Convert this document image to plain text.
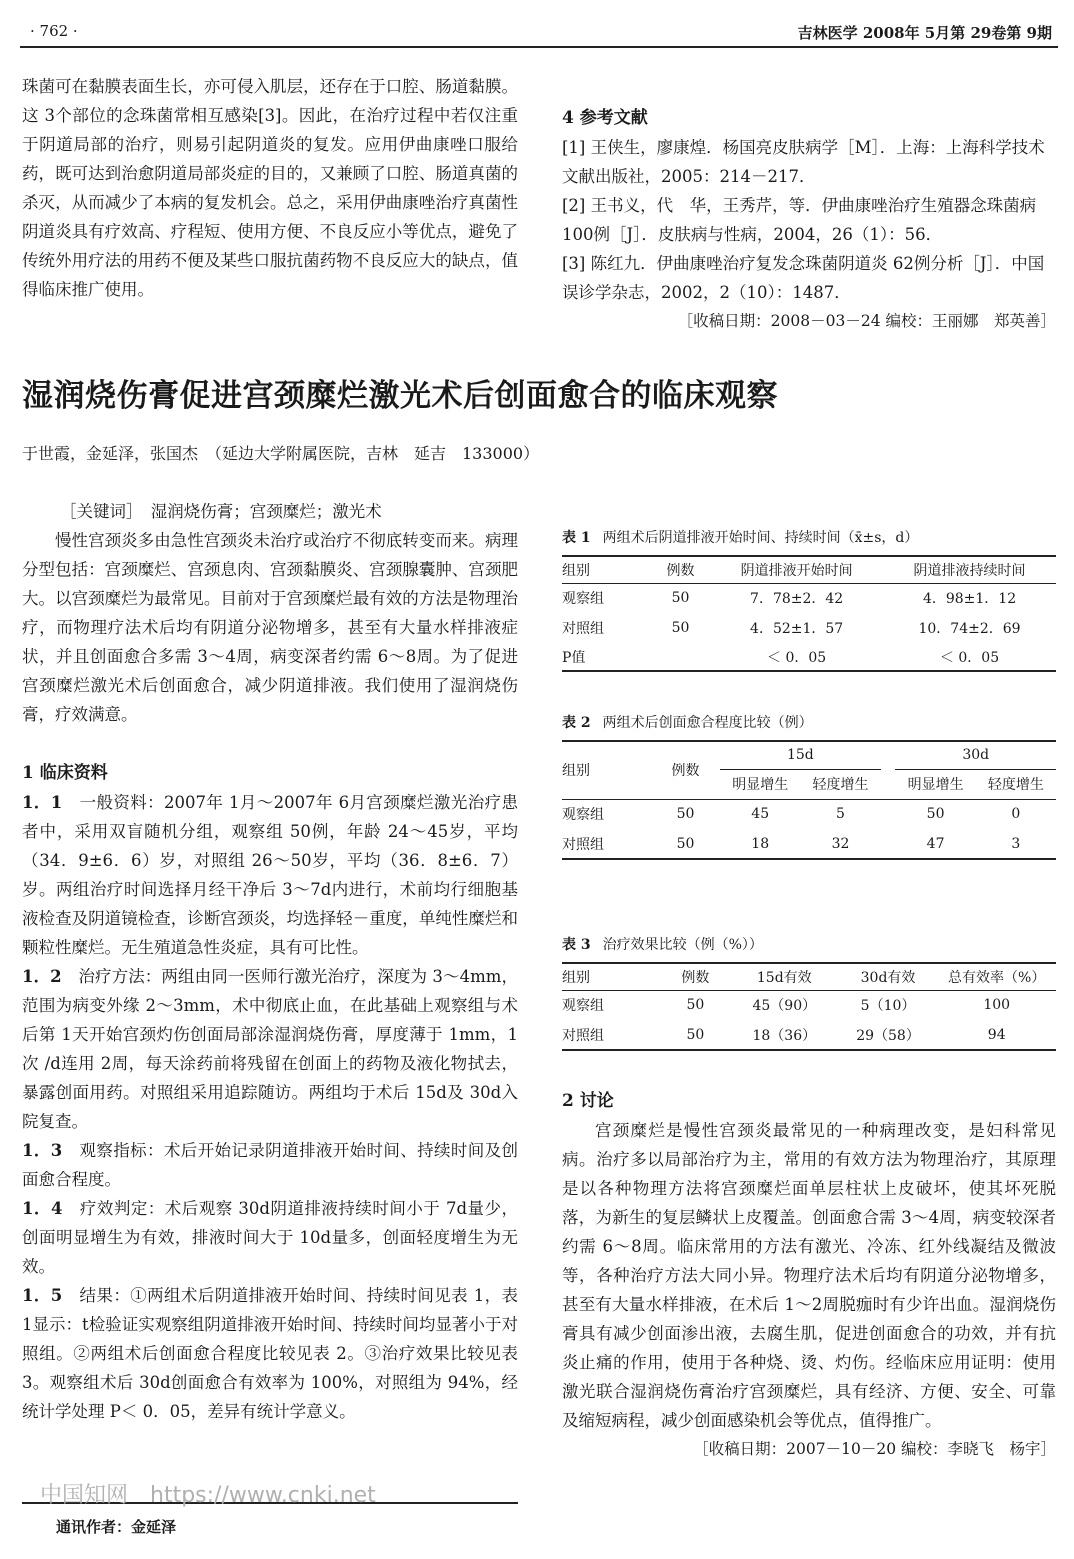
· 762 ·	吉林医学 2008年 5月第 29卷第 9期

珠菌可在黏膜表面生长，亦可侵入肌层，还存在于口腔、肠道黏膜。这 3个部位的念珠菌常相互感染[3]。因此，在治疗过程中若仅注重于阴道局部的治疗，则易引起阴道炎的复发。应用伊曲康唑口服给药，既可达到治愈阴道局部炎症的目的，又兼顾了口腔、肠道真菌的杀灭，从而减少了本病的复发机会。总之，采用伊曲康唑治疗真菌性阴道炎具有疗效高、疗程短、使用方便、不良反应小等优点，避免了传统外用疗法的用药不便及某些口服抗菌药物不良反应大的缺点，值得临床推广使用。

4 参考文献

[1] 王侠生，廖康煌．杨国亮皮肤病学［M］．上海：上海科学技术文献出版社，2005：214－217．

[2] 王书义，代　华，王秀芹，等．伊曲康唑治疗生殖器念珠菌病 100例［J］．皮肤病与性病，2004，26（1）：56．

[3] 陈红九．伊曲康唑治疗复发念珠菌阴道炎 62例分析［J］．中国误诊学杂志，2002，2（10）：1487．

［收稿日期：2008－03－24 编校：王丽娜　郑英善］

湿润烧伤膏促进宫颈糜烂激光术后创面愈合的临床观察
于世霞，金延泽，张国杰　（延边大学附属医院，吉林　延吉　133000）

［关键词］　湿润烧伤膏；宫颈糜烂；激光术

慢性宫颈炎多由急性宫颈炎未治疗或治疗不彻底转变而来。病理分型包括：宫颈糜烂、宫颈息肉、宫颈黏膜炎、宫颈腺囊肿、宫颈肥大。以宫颈糜烂为最常见。目前对于宫颈糜烂最有效的方法是物理治疗，而物理疗法术后均有阴道分泌物增多，甚至有大量水样排液症状，并且创面愈合多需 3～4周，病变深者约需 6～8周。为了促进宫颈糜烂激光术后创面愈合，减少阴道排液。我们使用了湿润烧伤膏，疗效满意。

1 临床资料

1．1　 一般资料：2007年 1月～2007年 6月宫颈糜烂激光治疗患者中，采用双盲随机分组，观察组 50例，年龄 24～45岁，平均（34．9±6．6）岁，对照组 26～50岁，平均（36．8±6．7）岁。两组治疗时间选择月经干净后 3～7d内进行，术前均行细胞基液检查及阴道镜检查，诊断宫颈炎，均选择轻－重度，单纯性糜烂和颗粒性糜烂。无生殖道急性炎症，具有可比性。

1．2　 治疗方法：两组由同一医师行激光治疗，深度为 3～4mm，范围为病变外缘 2～3mm，术中彻底止血，在此基础上观察组与术后第 1天开始宫颈灼伤创面局部涂湿润烧伤膏，厚度薄于 1mm，1次 /d连用 2周，每天涂药前将残留在创面上的药物及液化物拭去，暴露创面用药。对照组采用追踪随访。两组均于术后 15d及 30d入院复查。

1．3　 观察指标：术后开始记录阴道排液开始时间、持续时间及创面愈合程度。

1．4　 疗效判定：术后观察 30d阴道排液持续时间小于 7d量少，创面明显增生为有效，排液时间大于 10d量多，创面轻度增生为无效。

1．5　 结果：①两组术后阴道排液开始时间、持续时间见表 1，表 1显示：t检验证实观察组阴道排液开始时间、持续时间均显著小于对照组。②两组术后创面愈合程度比较见表 2。③治疗效果比较见表 3。观察组术后 30d创面愈合有效率为 100%，对照组为 94%，经统计学处理 P＜ 0．05，差异有统计学意义。

表 1 两组术后阴道排液开始时间、持续时间（x̄±s，d）
组别	例数	阴道排液开始时间	阴道排液持续时间
观察组	50	7．78±2．42	4．98±1．12
对照组	50	4．52±1．57	10．74±2．69
P值		＜ 0．05	＜ 0．05
表 2 两组术后创面愈合程度比较（例）
组别	例数	15d			30d	
		明显增生	轻度增生		明显增生	轻度增生
观察组	50	45	5		50	0
对照组	50	18	32		47	3
表 3 治疗效果比较（例（%））
组别	例数	15d有效	30d有效	总有效率（%）
观察组	50	45（90）	5（10）	100
对照组	50	18（36）	29（58）	94

2 讨论

宫颈糜烂是慢性宫颈炎最常见的一种病理改变，是妇科常见病。治疗多以局部治疗为主，常用的有效方法为物理治疗，其原理是以各种物理方法将宫颈糜烂面单层柱状上皮破坏，使其坏死脱落，为新生的复层鳞状上皮覆盖。创面愈合需 3～4周，病变较深者约需 6～8周。临床常用的方法有激光、冷冻、红外线凝结及微波等，各种治疗方法大同小异。物理疗法术后均有阴道分泌物增多，甚至有大量水样排液，在术后 1～2周脱痂时有少许出血。湿润烧伤膏具有减少创面渗出液，去腐生肌，促进创面愈合的功效，并有抗炎止痛的作用，使用于各种烧、烫、灼伤。经临床应用证明：使用激光联合湿润烧伤膏治疗宫颈糜烂，具有经济、方便、安全、可靠及缩短病程，减少创面感染机会等优点，值得推广。

［收稿日期：2007－10－20 编校：李晓飞　杨宇］

中国知网　https://www.cnki.net
通讯作者：金延泽
